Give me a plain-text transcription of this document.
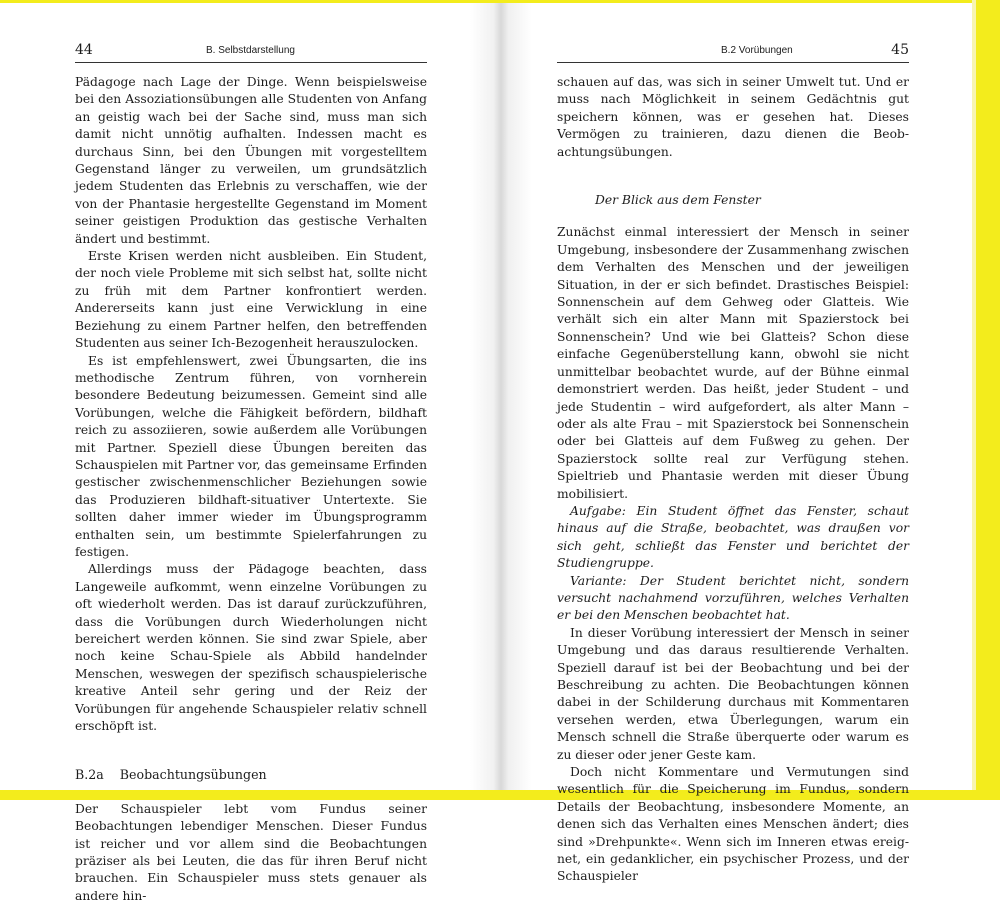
44	B. Selbstdarstellung

Pädagoge nach Lage der Dinge. Wenn beispielsweise bei den Assoziationsübungen alle Studenten von Anfang an geistig wach bei der Sache sind, muss man sich damit nicht unnötig aufhalten. Indessen macht es durchaus Sinn, bei den Übungen mit vorgestelltem Gegenstand länger zu verweilen, um grundsätzlich jedem Studenten das Erlebnis zu verschaffen, wie der von der Phantasie hergestellte Gegenstand im Moment seiner geistigen Produktion das gestische Verhalten ändert und bestimmt.

Erste Krisen werden nicht ausbleiben. Ein Student, der noch viele Probleme mit sich selbst hat, sollte nicht zu früh mit dem Partner konfrontiert werden. Andererseits kann just eine Verwicklung in eine Beziehung zu einem Partner helfen, den betreffenden Studenten aus seiner Ich-Bezogenheit herauszulocken.

Es ist empfehlenswert, zwei Übungsarten, die ins methodische Zentrum führen, von vornherein besondere Bedeutung beizumessen. Gemeint sind alle Vorübungen, welche die Fähigkeit befördern, bildhaft reich zu assoziieren, sowie außerdem alle Vorübungen mit Partner. Speziell diese Übungen bereiten das Schauspielen mit Partner vor, das gemeinsame Erfinden gestischer zwischenmenschlicher Beziehungen sowie das Produzieren bildhaft-situativer Untertexte. Sie sollten daher immer wieder im Übungsprogramm enthalten sein, um bestimmte Spielerfahrungen zu festigen.

Allerdings muss der Pädagoge beachten, dass Langeweile aufkommt, wenn einzelne Vorübungen zu oft wiederholt werden. Das ist darauf zurückzuführen, dass die Vorübungen durch Wiederholungen nicht bereichert werden können. Sie sind zwar Spiele, aber noch keine Schau-Spiele als Abbild handelnder Menschen, weswegen der spezifisch schauspielerische kreative Anteil sehr gering und der Reiz der Vorübungen für angehende Schauspieler relativ schnell erschöpft ist.

B.2a    Beobachtungsübungen

Der Schauspieler lebt vom Fundus seiner Beobachtungen lebendiger Menschen. Dieser Fundus ist reicher und vor allem sind die Beobachtungen präziser als bei Leuten, die das für ihren Beruf nicht brauchen. Ein Schauspieler muss stets genauer als andere hin-

B.2 Vorübungen	45

schauen auf das, was sich in seiner Umwelt tut. Und er muss nach Möglichkeit in seinem Gedächtnis gut speichern können, was er gesehen hat. Dieses Vermögen zu trainieren, dazu dienen die Beobachtungsübungen.

Der Blick aus dem Fenster

Zunächst einmal interessiert der Mensch in seiner Umgebung, insbesondere der Zusammenhang zwischen dem Verhalten des Menschen und der jeweiligen Situation, in der er sich befindet. Drastisches Beispiel: Sonnenschein auf dem Gehweg oder Glatteis. Wie verhält sich ein alter Mann mit Spazierstock bei Sonnenschein? Und wie bei Glatteis? Schon diese einfache Gegenüberstellung kann, obwohl sie nicht unmittelbar beobachtet wurde, auf der Bühne einmal demonstriert werden. Das heißt, jeder Student – und jede Studentin – wird aufgefordert, als alter Mann – oder als alte Frau – mit Spazierstock bei Sonnenschein oder bei Glatteis auf dem Fußweg zu gehen. Der Spazierstock sollte real zur Verfügung stehen. Spieltrieb und Phantasie werden mit dieser Übung mobilisiert.

Aufgabe: Ein Student öffnet das Fenster, schaut hinaus auf die Straße, beobachtet, was draußen vor sich geht, schließt das Fenster und berichtet der Studiengruppe.

Variante: Der Student berichtet nicht, sondern versucht nachahmend vorzuführen, welches Verhalten er bei den Menschen beobachtet hat.

In dieser Vorübung interessiert der Mensch in seiner Umgebung und das daraus resultierende Verhalten. Speziell darauf ist bei der Beobachtung und bei der Beschreibung zu achten. Die Beobachtungen können dabei in der Schilderung durchaus mit Kommentaren versehen werden, etwa Überlegungen, warum ein Mensch schnell die Straße überquerte oder warum es zu dieser oder jener Geste kam.

Doch nicht Kommentare und Vermutungen sind wesentlich für die Speicherung im Fundus, sondern Details der Beobachtung, insbesondere Momente, an denen sich das Verhalten eines Menschen ändert; dies sind »Drehpunkte«. Wenn sich im Inneren etwas ereignet, ein gedanklicher, ein psychischer Prozess, und der Schauspieler
